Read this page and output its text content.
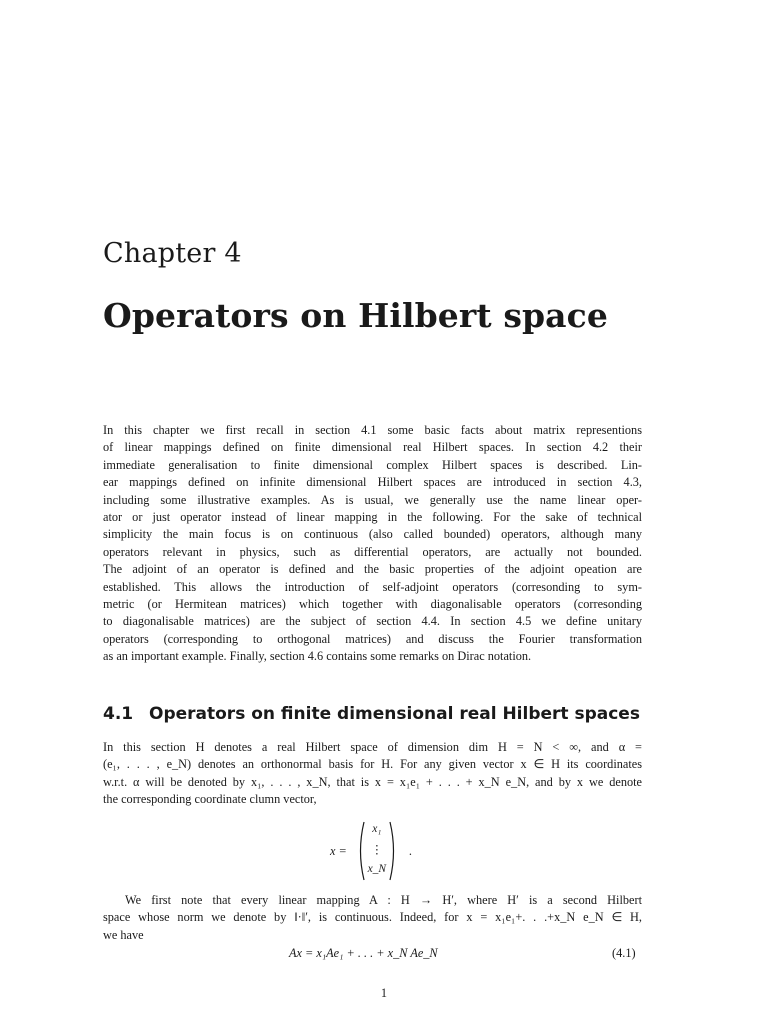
Chapter 4
Operators on Hilbert space
In this chapter we first recall in section 4.1 some basic facts about matrix representions
of linear mappings defined on finite dimensional real Hilbert spaces. In section 4.2 their
immediate generalisation to finite dimensional complex Hilbert spaces is described. Lin-
ear mappings defined on infinite dimensional Hilbert spaces are introduced in section 4.3,
including some illustrative examples. As is usual, we generally use the name linear oper-
ator or just operator instead of linear mapping in the following. For the sake of technical
simplicity the main focus is on continuous (also called bounded) operators, although many
operators relevant in physics, such as differential operators, are actually not bounded.
The adjoint of an operator is defined and the basic properties of the adjoint opeation are
established. This allows the introduction of self-adjoint operators (corresonding to sym-
metric (or Hermitean matrices) which together with diagonalisable operators (corresonding
to diagonalisable matrices) are the subject of section 4.4. In section 4.5 we define unitary
operators (corresponding to orthogonal matrices) and discuss the Fourier transformation
as an important example. Finally, section 4.6 contains some remarks on Dirac notation.
4.1 Operators on finite dimensional real Hilbert spaces
In this section H denotes a real Hilbert space of dimension dim H = N < ∞, and α =
(e₁, . . . , e_N) denotes an orthonormal basis for H. For any given vector x ∈ H its coordinates
w.r.t. α will be denoted by x₁, . . . , x_N, that is x = x₁e₁ + . . . + x_N e_N, and by x we denote
the corresponding coordinate clumn vector,
x =
x₁
⋮
x_N
.
We first note that every linear mapping A : H → H′, where H′ is a second Hilbert
space whose norm we denote by ‖·‖′, is continuous. Indeed, for x = x₁e₁+. . .+x_N e_N ∈ H,
we have
Ax = x₁Ae₁ + . . . + x_N Ae_N	(4.1)
1
